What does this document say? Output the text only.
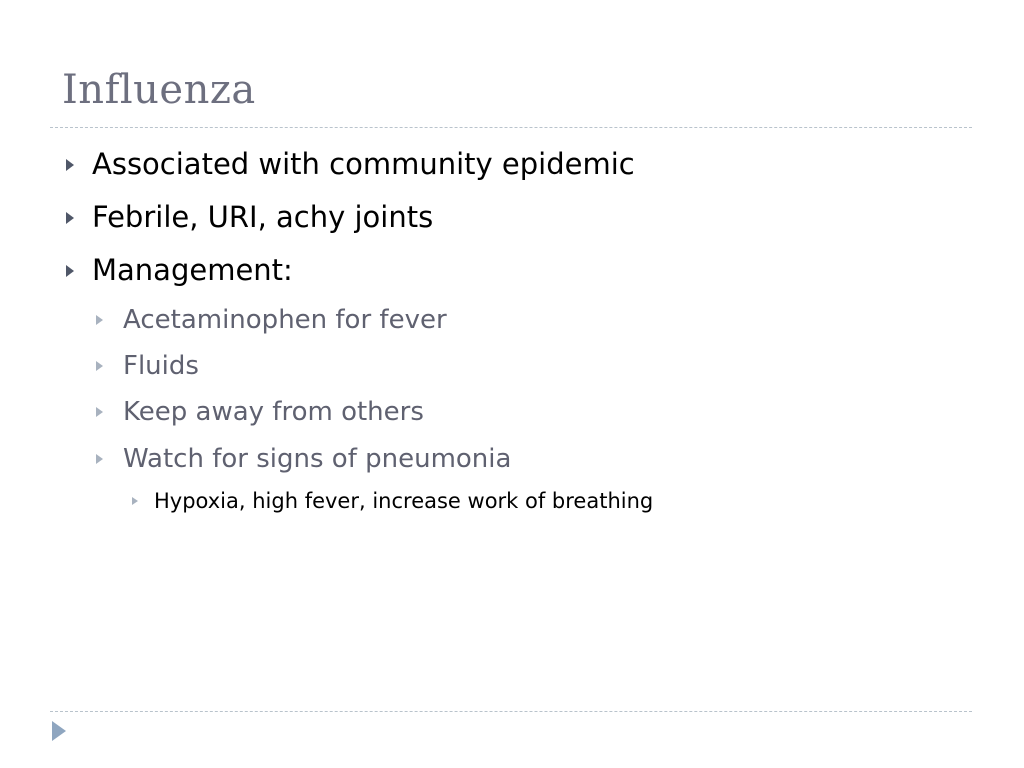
Influenza
Associated with community epidemic
Febrile, URI, achy joints
Management:
Acetaminophen for fever
Fluids
Keep away from others
Watch for signs of pneumonia
Hypoxia, high fever, increase work of breathing
